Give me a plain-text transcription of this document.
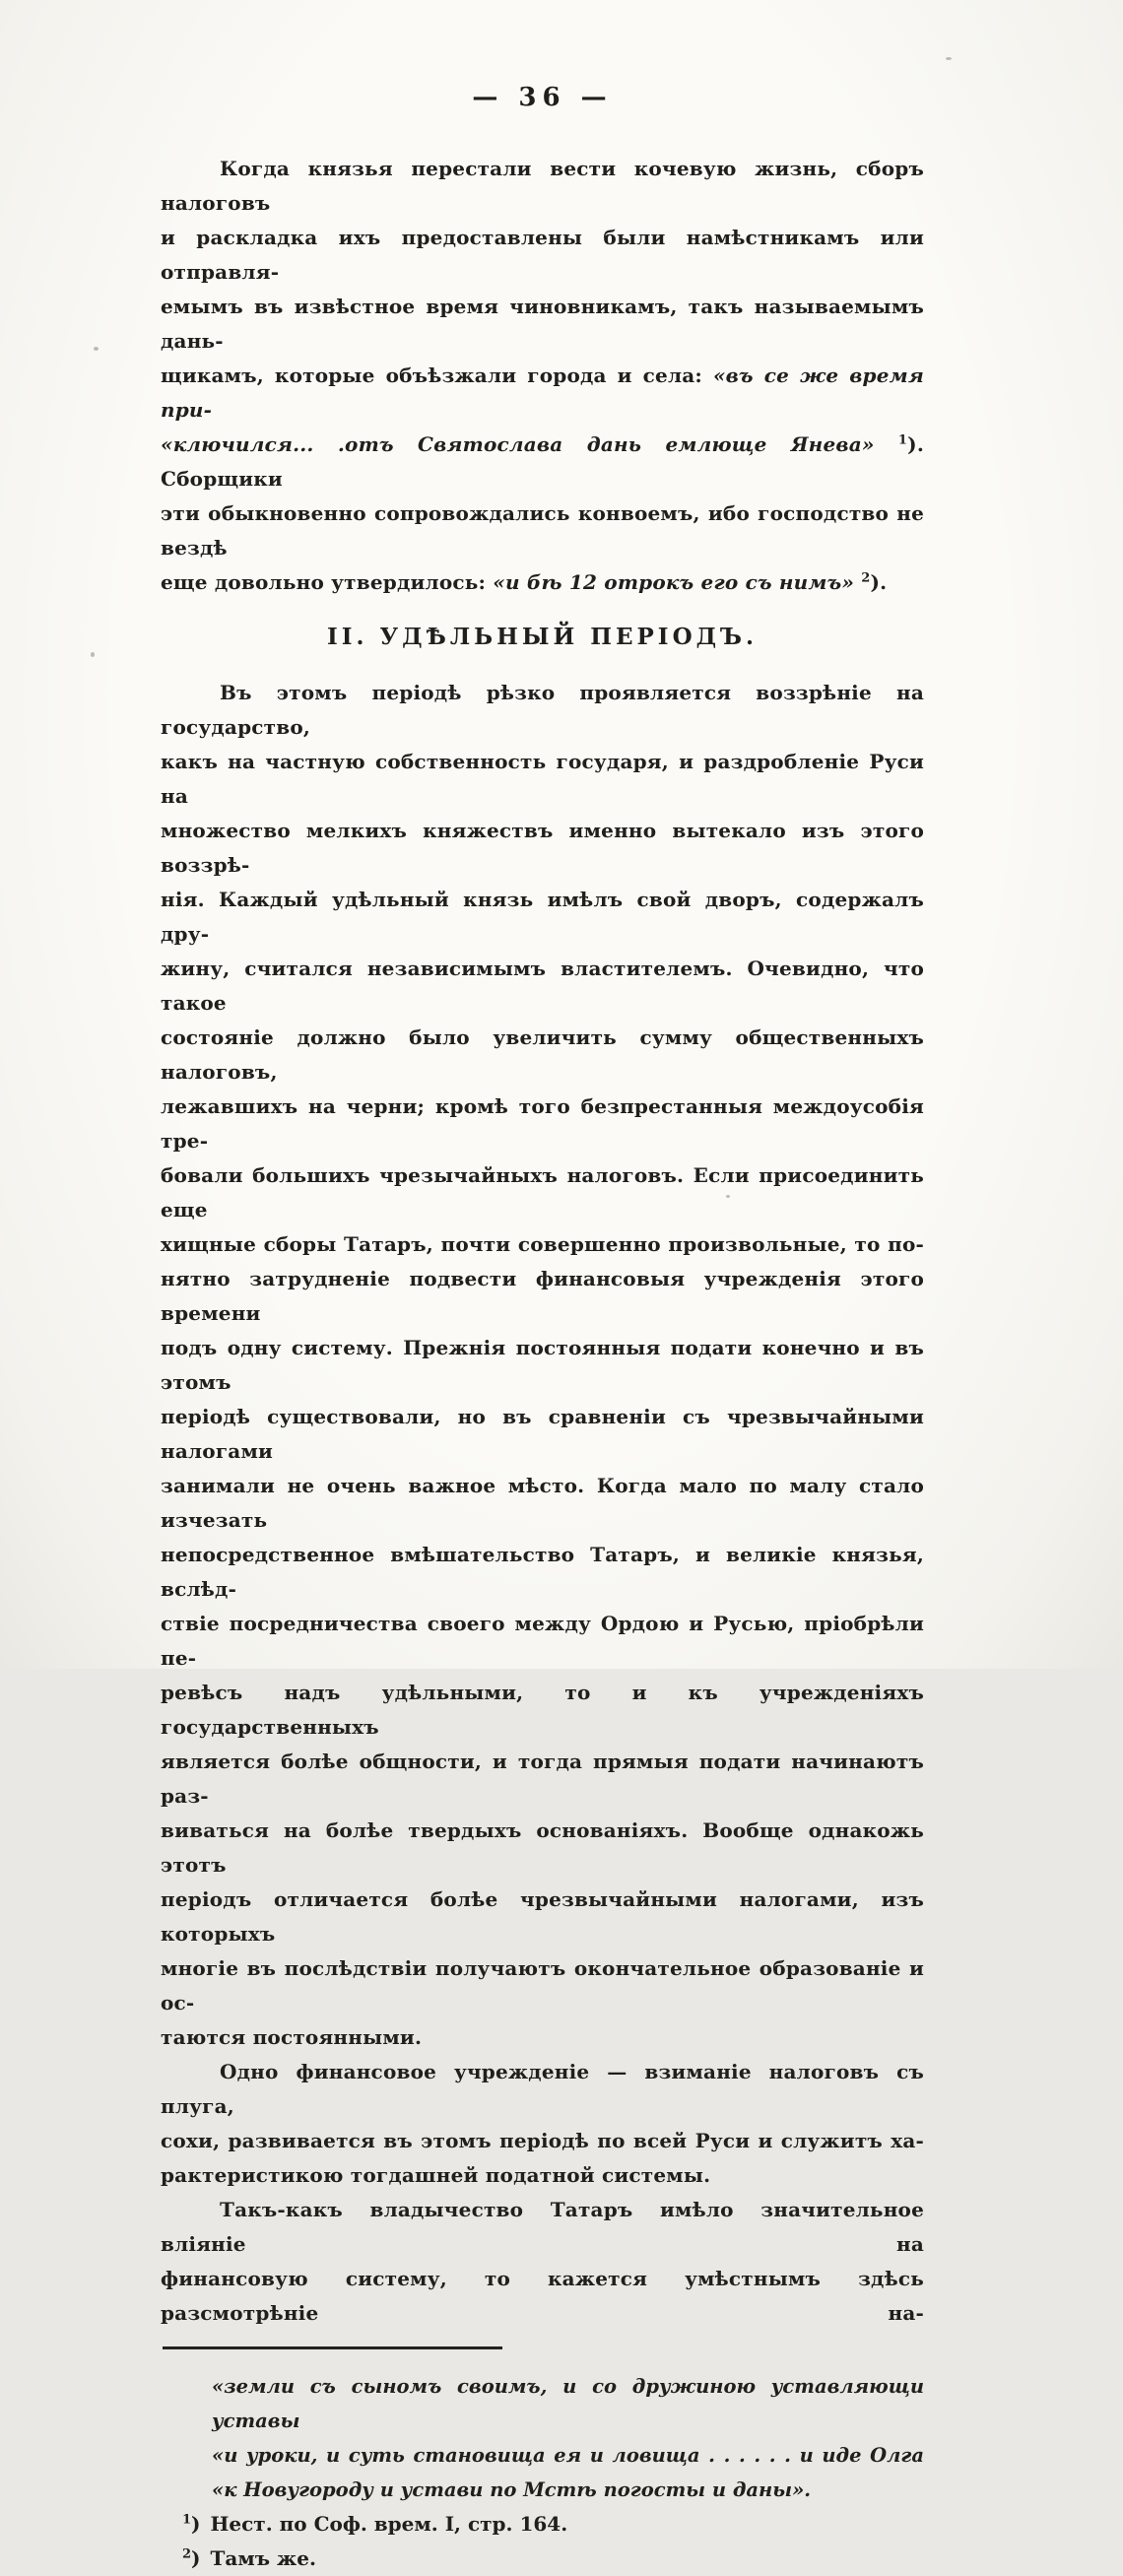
— 36 —
Когда князья перестали вести кочевую жизнь, сборъ налоговъ
и раскладка ихъ предоставлены были намѣстникамъ или отправля-
емымъ въ извѣстное время чиновникамъ, такъ называемымъ дань-
щикамъ, которые объѣзжали города и села: «въ се же время при-
«ключился... .отъ Святослава дань емлюще Янева» $^1$). Сборщики
эти обыкновенно сопровождались конвоемъ, ибо господство не вездѣ
еще довольно утвердилось: «и бѣ 12 отрокъ его съ нимъ» $^2$).
II. УДѢЛЬНЫЙ ПЕРІОДЪ.
Въ этомъ періодѣ рѣзко проявляется воззрѣніе на государство,
какъ на частную собственность государя, и раздробленіе Руси на
множество мелкихъ княжествъ именно вытекало изъ этого воззрѣ-
нія. Каждый удѣльный князь имѣлъ свой дворъ, содержалъ дру-
жину, считался независимымъ властителемъ. Очевидно, что такое
состояніе должно было увеличить сумму общественныхъ налоговъ,
лежавшихъ на черни; кромѣ того безпрестанныя междоусобія тре-
бовали большихъ чрезычайныхъ налоговъ. Если присоединить еще
хищные сборы Татаръ, почти совершенно произвольные, то по-
нятно затрудненіе подвести финансовыя учрежденія этого времени
подъ одну систему. Прежнія постоянныя подати конечно и въ этомъ
періодѣ существовали, но въ сравненіи съ чрезвычайными налогами
занимали не очень важное мѣсто. Когда мало по малу стало изчезать
непосредственное вмѣшательство Татаръ, и великіе князья, вслѣд-
ствіе посредничества своего между Ордою и Русью, пріобрѣли пе-
ревѣсъ надъ удѣльными, то и къ учрежденіяхъ государственныхъ
является болѣе общности, и тогда прямыя подати начинаютъ раз-
виваться на болѣе твердыхъ основаніяхъ. Вообще однакожь этотъ
періодъ отличается болѣе чрезвычайными налогами, изъ которыхъ
многіе въ послѣдствіи получаютъ окончательное образованіе и ос-
таются постоянными.
Одно финансовое учрежденіе — взиманіе налоговъ съ плуга,
сохи, развивается въ этомъ періодѣ по всей Руси и служитъ ха-
рактеристикою тогдашней податной системы.
Такъ-какъ владычество Татаръ имѣло значительное вліяніе на
финансовую систему, то кажется умѣстнымъ здѣсь разсмотрѣніе на-
«земли съ сыномъ своимъ, и со дружиною уставляющи уставы
«и уроки, и суть становища ея и ловища . . . . . . и иде Олга
«к Новугороду и устави по Мстѣ погосты и даны».
$^1$) Нест. по Соф. врем. I, стр. 164.
$^2$) Тамъ же.
